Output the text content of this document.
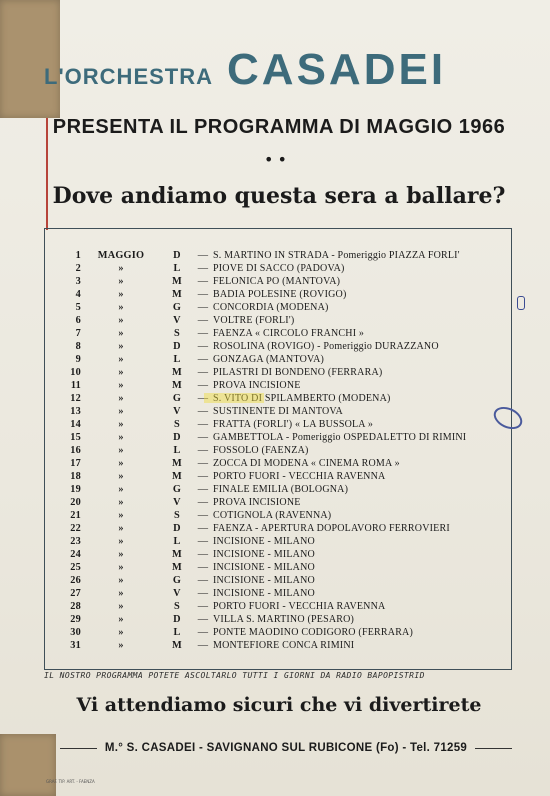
L'ORCHESTRA CASADEI
PRESENTA IL PROGRAMMA DI MAGGIO 1966
••
Dove andiamo questa sera a ballare?
1	MAGGIO	D	— S. MARTINO IN STRADA - Pomeriggio PIAZZA FORLI'
2	»	L	— PIOVE DI SACCO (PADOVA)
3	»	M	— FELONICA PO (MANTOVA)
4	»	M	— BADIA POLESINE (ROVIGO)
5	»	G	— CONCORDIA (MODENA)
6	»	V	— VOLTRE (FORLI')
7	»	S	— FAENZA « CIRCOLO FRANCHI »
8	»	D	— ROSOLINA (ROVIGO) - Pomeriggio DURAZZANO
9	»	L	— GONZAGA (MANTOVA)
10	»	M	— PILASTRI DI BONDENO (FERRARA)
11	»	M	— PROVA INCISIONE
12	»	G	— S. VITO DI SPILAMBERTO (MODENA)
13	»	V	— SUSTINENTE DI MANTOVA
14	»	S	— FRATTA (FORLI') « LA BUSSOLA »
15	»	D	— GAMBETTOLA - Pomeriggio OSPEDALETTO DI RIMINI
16	»	L	— FOSSOLO (FAENZA)
17	»	M	— ZOCCA DI MODENA « CINEMA ROMA »
18	»	M	— PORTO FUORI - VECCHIA RAVENNA
19	»	G	— FINALE EMILIA (BOLOGNA)
20	»	V	— PROVA INCISIONE
21	»	S	— COTIGNOLA (RAVENNA)
22	»	D	— FAENZA - APERTURA DOPOLAVORO FERROVIERI
23	»	L	— INCISIONE - MILANO
24	»	M	— INCISIONE - MILANO
25	»	M	— INCISIONE - MILANO
26	»	G	— INCISIONE - MILANO
27	»	V	— INCISIONE - MILANO
28	»	S	— PORTO FUORI - VECCHIA RAVENNA
29	»	D	— VILLA S. MARTINO (PESARO)
30	»	L	— PONTE MAODINO CODIGORO (FERRARA)
31	»	M	— MONTEFIORE CONCA RIMINI
IL NOSTRO PROGRAMMA POTETE ASCOLTARLO TUTTI I GIORNI DA RADIO BAPOPISTRID
Vi attendiamo sicuri che vi divertirete
M.° S. CASADEI - SAVIGNANO SUL RUBICONE (Fo) - Tel. 71259
GRAF. TIP. ART. - FAENZA
